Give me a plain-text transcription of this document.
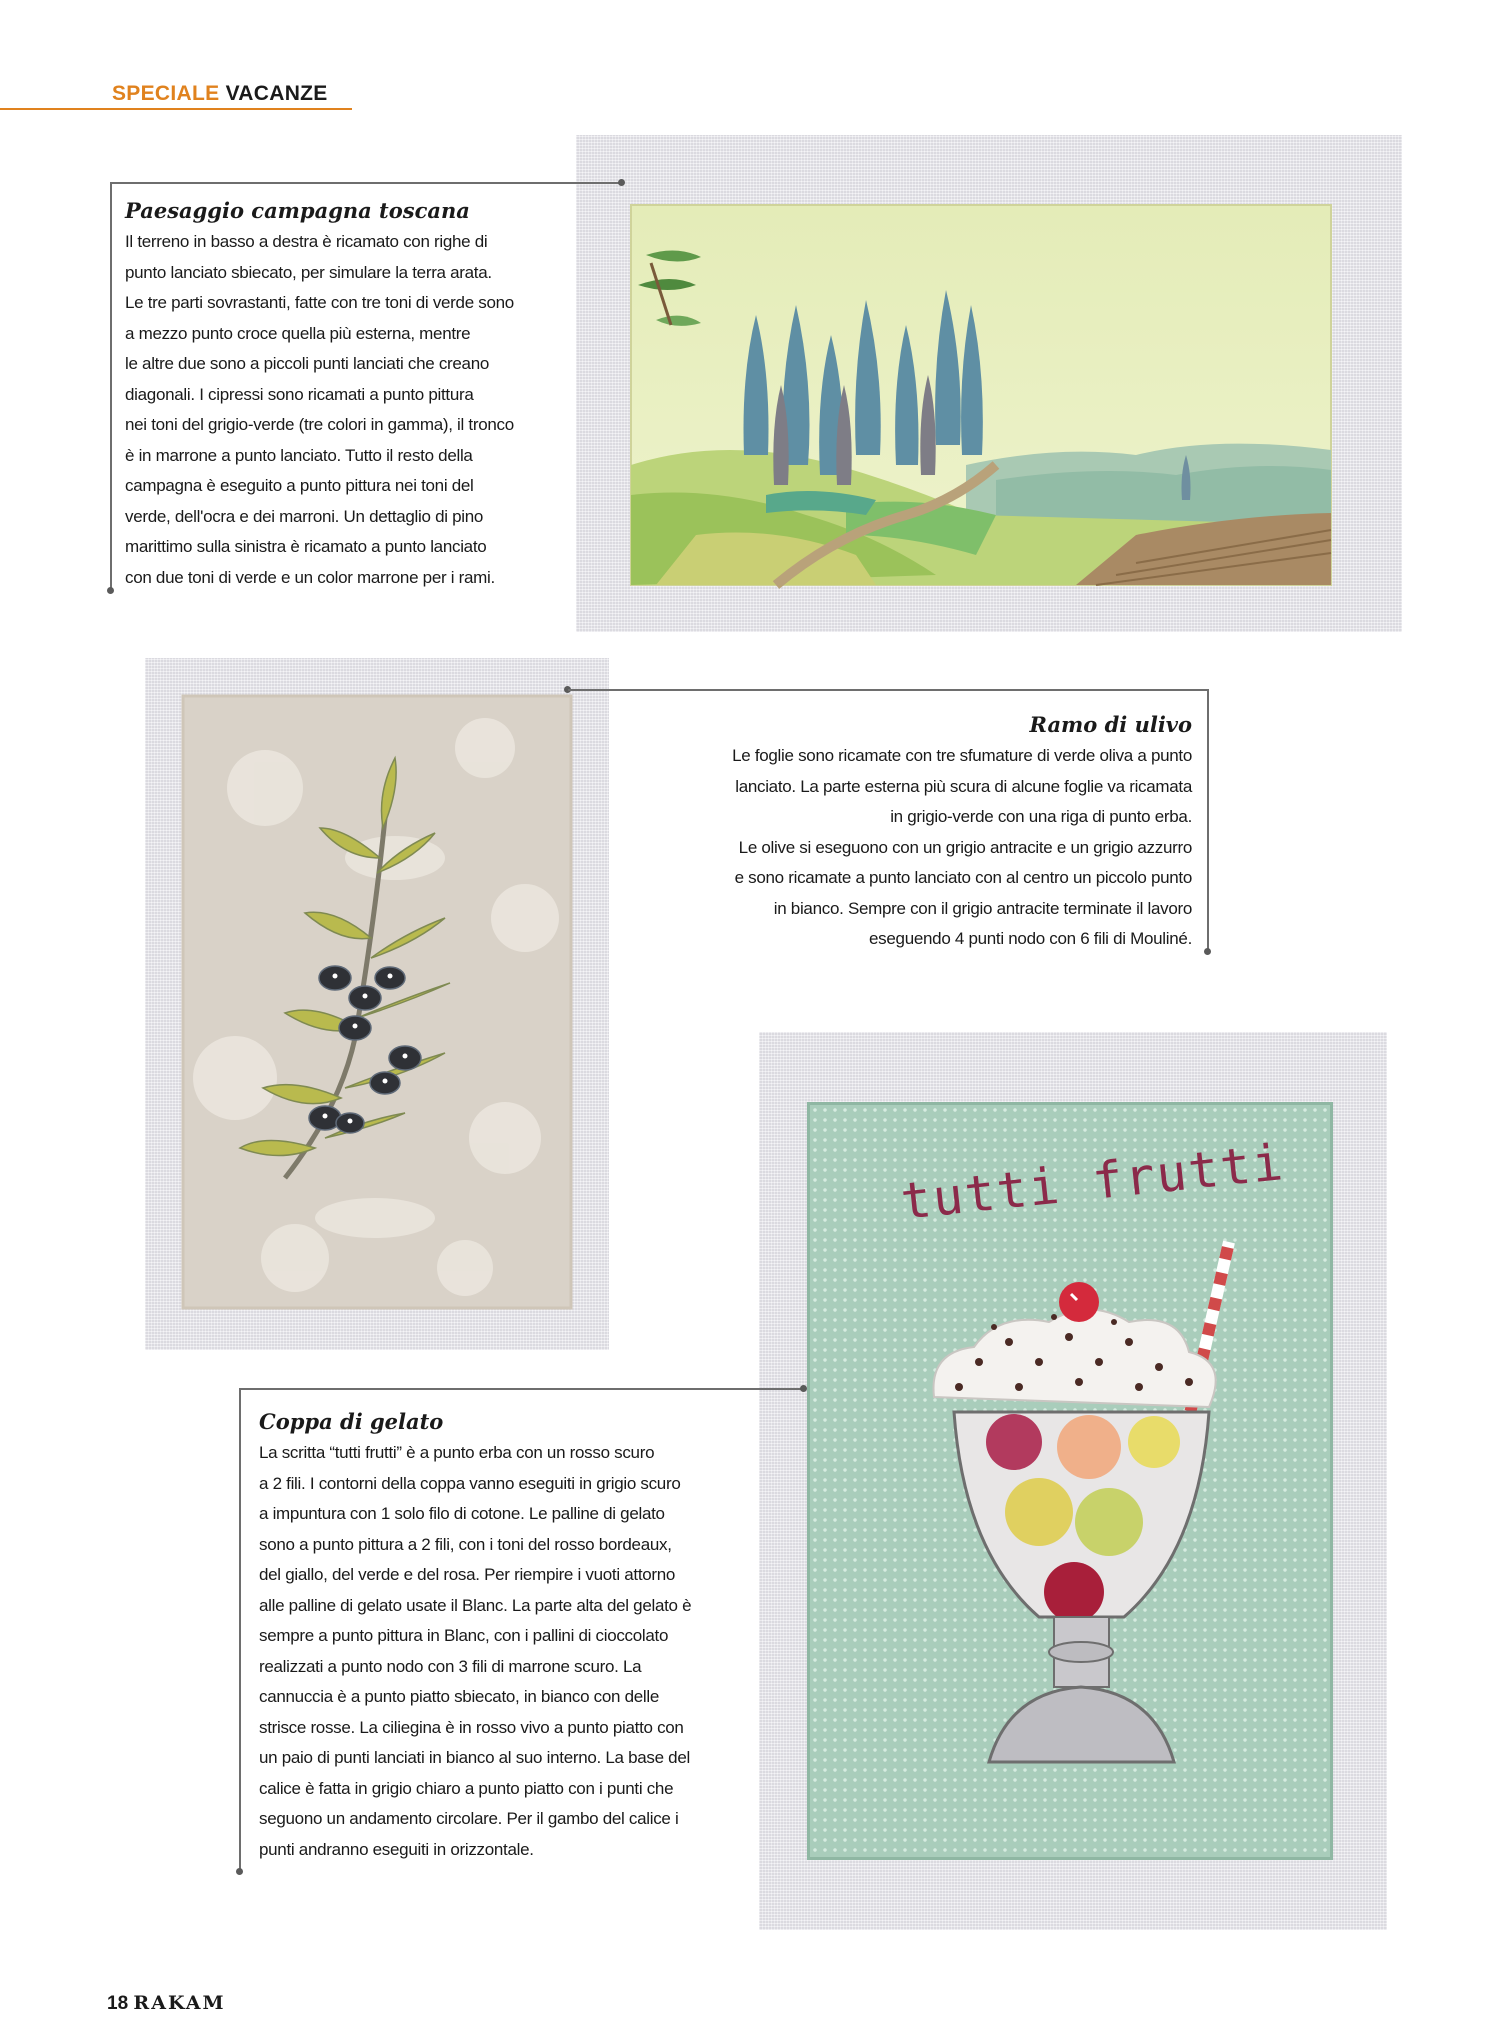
SPECIALE VACANZE
Paesaggio campagna toscana
Il terreno in basso a destra è ricamato con righe di
punto lanciato sbiecato, per simulare la terra arata.
Le tre parti sovrastanti, fatte con tre toni di verde sono
a mezzo punto croce quella più esterna, mentre
le altre due sono a piccoli punti lanciati che creano
diagonali. I cipressi sono ricamati a punto pittura
nei toni del grigio-verde (tre colori in gamma), il tronco
è in marrone a punto lanciato. Tutto il resto della
campagna è eseguito a punto pittura nei toni del
verde, dell'ocra e dei marroni. Un dettaglio di pino
marittimo sulla sinistra è ricamato a punto lanciato
con due toni di verde e un color marrone per i rami.
Ramo di ulivo
Le foglie sono ricamate con tre sfumature di verde oliva a punto
lanciato. La parte esterna più scura di alcune foglie va ricamata
in grigio-verde con una riga di punto erba.
Le olive si eseguono con un grigio antracite e un grigio azzurro
e sono ricamate a punto lanciato con al centro un piccolo punto
in bianco. Sempre con il grigio antracite terminate il lavoro
eseguendo 4 punti nodo con 6 fili di Mouliné.
tutti frutti
Coppa di gelato
La scritta “tutti frutti” è a punto erba con un rosso scuro
a 2 fili. I contorni della coppa vanno eseguiti in grigio scuro
a impuntura con 1 solo filo di cotone. Le palline di gelato
sono a punto pittura a 2 fili, con i toni del rosso bordeaux,
del giallo, del verde e del rosa. Per riempire i vuoti attorno
alle palline di gelato usate il Blanc. La parte alta del gelato è
sempre a punto pittura in Blanc, con i pallini di cioccolato
realizzati a punto nodo con 3 fili di marrone scuro. La
cannuccia è a punto piatto sbiecato, in bianco con delle
strisce rosse. La ciliegina è in rosso vivo a punto piatto con
un paio di punti lanciati in bianco al suo interno. La base del
calice è fatta in grigio chiaro a punto piatto con i punti che
seguono un andamento circolare. Per il gambo del calice i
punti andranno eseguiti in orizzontale.
18 RAKAM
